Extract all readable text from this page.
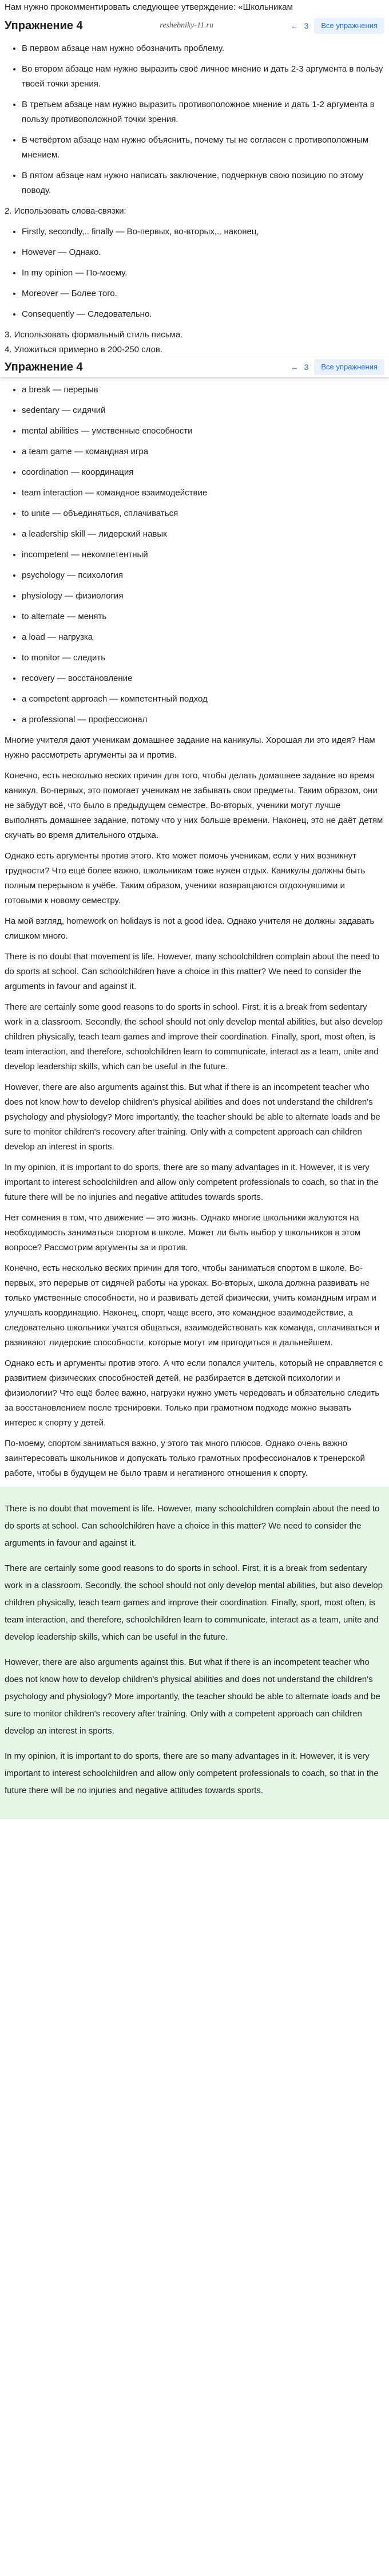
Нам нужно прокомментировать следующее утверждение: «Школьникам
Упражнение 4	reshebniky-11.ru	← 3	Все упражнения
• В первом абзаце нам нужно обозначить проблему.
• Во втором абзаце нам нужно выразить своё личное мнение и дать 2-3 аргумента в пользу твоей точки зрения.
• В третьем абзаце нам нужно выразить противоположное мнение и дать 1-2 аргумента в пользу противоположной точки зрения.
• В четвёртом абзаце нам нужно объяснить, почему ты не согласен с противоположным мнением.
• В пятом абзаце нам нужно написать заключение, подчеркнув свою позицию по этому поводу.
2. Использовать слова-связки:
• Firstly, secondly,.. finally — Во-первых, во-вторых,.. наконец,
• However — Однако.
• In my opinion — По-моему.
• Moreover — Более того.
• Consequently — Следовательно.
3. Использовать формальный стиль письма.
4. Уложиться примерно в 200-250 слов.
Упражнение 4	← 3	Все упражнения
• a break — перерыв
• sedentary — сидячий
• mental abilities — умственные способности
• a team game — командная игра
• coordination — координация
• team interaction — командное взаимодействие
• to unite — объединяться, сплачиваться
• a leadership skill — лидерский навык
• incompetent — некомпетентный
• psychology — психология
• physiology — физиология
• to alternate — менять
• a load — нагрузка
• to monitor — следить
• recovery — восстановление
• a competent approach — компетентный подход
• a professional — профессионал

Многие учителя дают ученикам домашнее задание на каникулы. Хорошая ли это идея? Нам нужно рассмотреть аргументы за и против.

Конечно, есть несколько веских причин для того, чтобы делать домашнее задание во время каникул. Во-первых, это помогает ученикам не забывать свои предметы. Таким образом, они не забудут всё, что было в предыдущем семестре. Во-вторых, ученики могут лучше выполнять домашнее задание, потому что у них больше времени. Наконец, это не даёт детям скучать во время длительного отдыха.

Однако есть аргументы против этого. Кто может помочь ученикам, если у них возникнут трудности? Что ещё более важно, школьникам тоже нужен отдых. Каникулы должны быть полным перерывом в учёбе. Таким образом, ученики возвращаются отдохнувшими и готовыми к новому семестру.

На мой взгляд, homework on holidays is not a good idea. Однако учителя не должны задавать слишком много.

There is no doubt that movement is life. However, many schoolchildren complain about the need to do sports at school. Can schoolchildren have a choice in this matter? We need to consider the arguments in favour and against it.

There are certainly some good reasons to do sports in school. First, it is a break from sedentary work in a classroom. Secondly, the school should not only develop mental abilities, but also develop children physically, teach team games and improve their coordination. Finally, sport, most often, is team interaction, and therefore, schoolchildren learn to communicate, interact as a team, unite and develop leadership skills, which can be useful in the future.

However, there are also arguments against this. But what if there is an incompetent teacher who does not know how to develop children's physical abilities and does not understand the children's psychology and physiology? More importantly, the teacher should be able to alternate loads and be sure to monitor children's recovery after training. Only with a competent approach can children develop an interest in sports.

In my opinion, it is important to do sports, there are so many advantages in it. However, it is very important to interest schoolchildren and allow only competent professionals to coach, so that in the future there will be no injuries and negative attitudes towards sports.

Нет сомнения в том, что движение — это жизнь. Однако многие школьники жалуются на необходимость заниматься спортом в школе. Может ли быть выбор у школьников в этом вопросе? Рассмотрим аргументы за и против.

Конечно, есть несколько веских причин для того, чтобы заниматься спортом в школе. Во-первых, это перерыв от сидячей работы на уроках. Во-вторых, школа должна развивать не только умственные способности, но и развивать детей физически, учить командным играм и улучшать координацию. Наконец, спорт, чаще всего, это командное взаимодействие, а следовательно школьники учатся общаться, взаимодействовать как команда, сплачиваться и развивают лидерские способности, которые могут им пригодиться в дальнейшем.

Однако есть и аргументы против этого. А что если попался учитель, который не справляется с развитием физических способностей детей, не разбирается в детской психологии и физиологии? Что ещё более важно, нагрузки нужно уметь чередовать и обязательно следить за восстановлением после тренировки. Только при грамотном подходе можно вызвать интерес к спорту у детей.

По-моему, спортом заниматься важно, у этого так много плюсов. Однако очень важно заинтересовать школьников и допускать только грамотных профессионалов к тренерской работе, чтобы в будущем не было травм и негативного отношения к спорту.

There is no doubt that movement is life. However, many schoolchildren complain about the need to do sports at school. Can schoolchildren have a choice in this matter? We need to consider the arguments in favour and against it.

There are certainly some good reasons to do sports in school. First, it is a break from sedentary work in a classroom. Secondly, the school should not only develop mental abilities, but also develop children physically, teach team games and improve their coordination. Finally, sport, most often, is team interaction, and therefore, schoolchildren learn to communicate, interact as a team, unite and develop leadership skills, which can be useful in the future.

However, there are also arguments against this. But what if there is an incompetent teacher who does not know how to develop children's physical abilities and does not understand the children's psychology and physiology? More importantly, the teacher should be able to alternate loads and be sure to monitor children's recovery after training. Only with a competent approach can children develop an interest in sports.

In my opinion, it is important to do sports, there are so many advantages in it. However, it is very important to interest schoolchildren and allow only competent professionals to coach, so that in the future there will be no injuries and negative attitudes towards sports.
